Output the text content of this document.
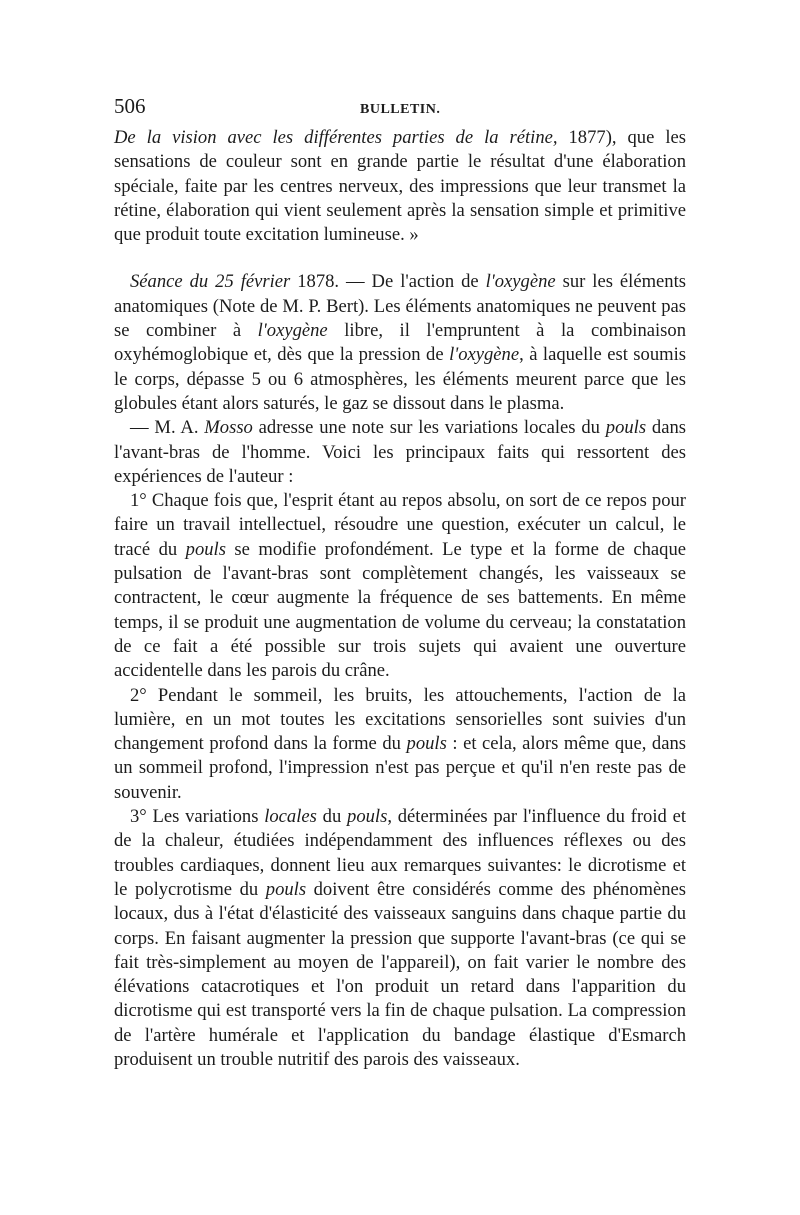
506	BULLETIN.

De la vision avec les différentes parties de la rétine, 1877), que les sensations de couleur sont en grande partie le résultat d'une élaboration spéciale, faite par les centres nerveux, des impressions que leur transmet la rétine, élaboration qui vient seulement après la sensation simple et primitive que produit toute excitation lumineuse. »

Séance du 25 février 1878. — De l'action de l'oxygène sur les éléments anatomiques (Note de M. P. Bert). Les éléments anatomiques ne peuvent pas se combiner à l'oxygène libre, il l'empruntent à la combinaison oxyhémoglobique et, dès que la pression de l'oxygène, à laquelle est soumis le corps, dépasse 5 ou 6 atmosphères, les éléments meurent parce que les globules étant alors saturés, le gaz se dissout dans le plasma.

— M. A. Mosso adresse une note sur les variations locales du pouls dans l'avant-bras de l'homme. Voici les principaux faits qui ressortent des expériences de l'auteur :

1° Chaque fois que, l'esprit étant au repos absolu, on sort de ce repos pour faire un travail intellectuel, résoudre une question, exécuter un calcul, le tracé du pouls se modifie profondément. Le type et la forme de chaque pulsation de l'avant-bras sont complètement changés, les vaisseaux se contractent, le cœur augmente la fréquence de ses battements. En même temps, il se produit une augmentation de volume du cerveau; la constatation de ce fait a été possible sur trois sujets qui avaient une ouverture accidentelle dans les parois du crâne.

2° Pendant le sommeil, les bruits, les attouchements, l'action de la lumière, en un mot toutes les excitations sensorielles sont suivies d'un changement profond dans la forme du pouls : et cela, alors même que, dans un sommeil profond, l'impression n'est pas perçue et qu'il n'en reste pas de souvenir.

3° Les variations locales du pouls, déterminées par l'influence du froid et de la chaleur, étudiées indépendamment des influences réflexes ou des troubles cardiaques, donnent lieu aux remarques suivantes: le dicrotisme et le polycrotisme du pouls doivent être considérés comme des phénomènes locaux, dus à l'état d'élasticité des vaisseaux sanguins dans chaque partie du corps. En faisant augmenter la pression que supporte l'avant-bras (ce qui se fait très-simplement au moyen de l'appareil), on fait varier le nombre des élévations catacrotiques et l'on produit un retard dans l'apparition du dicrotisme qui est transporté vers la fin de chaque pulsation. La compression de l'artère humérale et l'application du bandage élastique d'Esmarch produisent un trouble nutritif des parois des vaisseaux.
